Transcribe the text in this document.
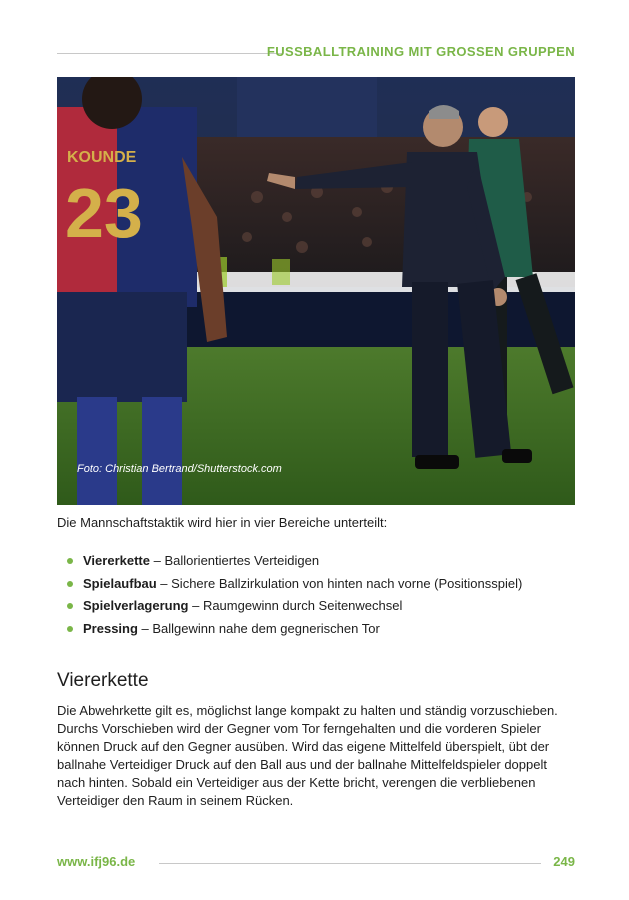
FUSSBALLTRAINING MIT GROSSEN GRUPPEN
23
KOUNDE
Foto: Christian Bertrand/Shutterstock.com
Die Mannschaftstaktik wird hier in vier Bereiche unterteilt:
Viererkette – Ballorientiertes Verteidigen
Spielaufbau – Sichere Ballzirkulation von hinten nach vorne (Positionsspiel)
Spielverlagerung – Raumgewinn durch Seitenwechsel
Pressing – Ballgewinn nahe dem gegnerischen Tor
Viererkette

Die Abwehrkette gilt es, möglichst lange kompakt zu halten und ständig vorzuschieben. Durchs Vorschieben wird der Gegner vom Tor ferngehalten und die vorderen Spieler können Druck auf den Gegner ausüben. Wird das eigene Mittelfeld überspielt, übt der ballnahe Verteidiger Druck auf den Ball aus und der ballnahe Mittelfeldspieler doppelt nach hinten. Sobald ein Verteidiger aus der Kette bricht, verengen die verbliebenen Verteidiger den Raum in seinem Rücken.

www.ifj96.de	249
